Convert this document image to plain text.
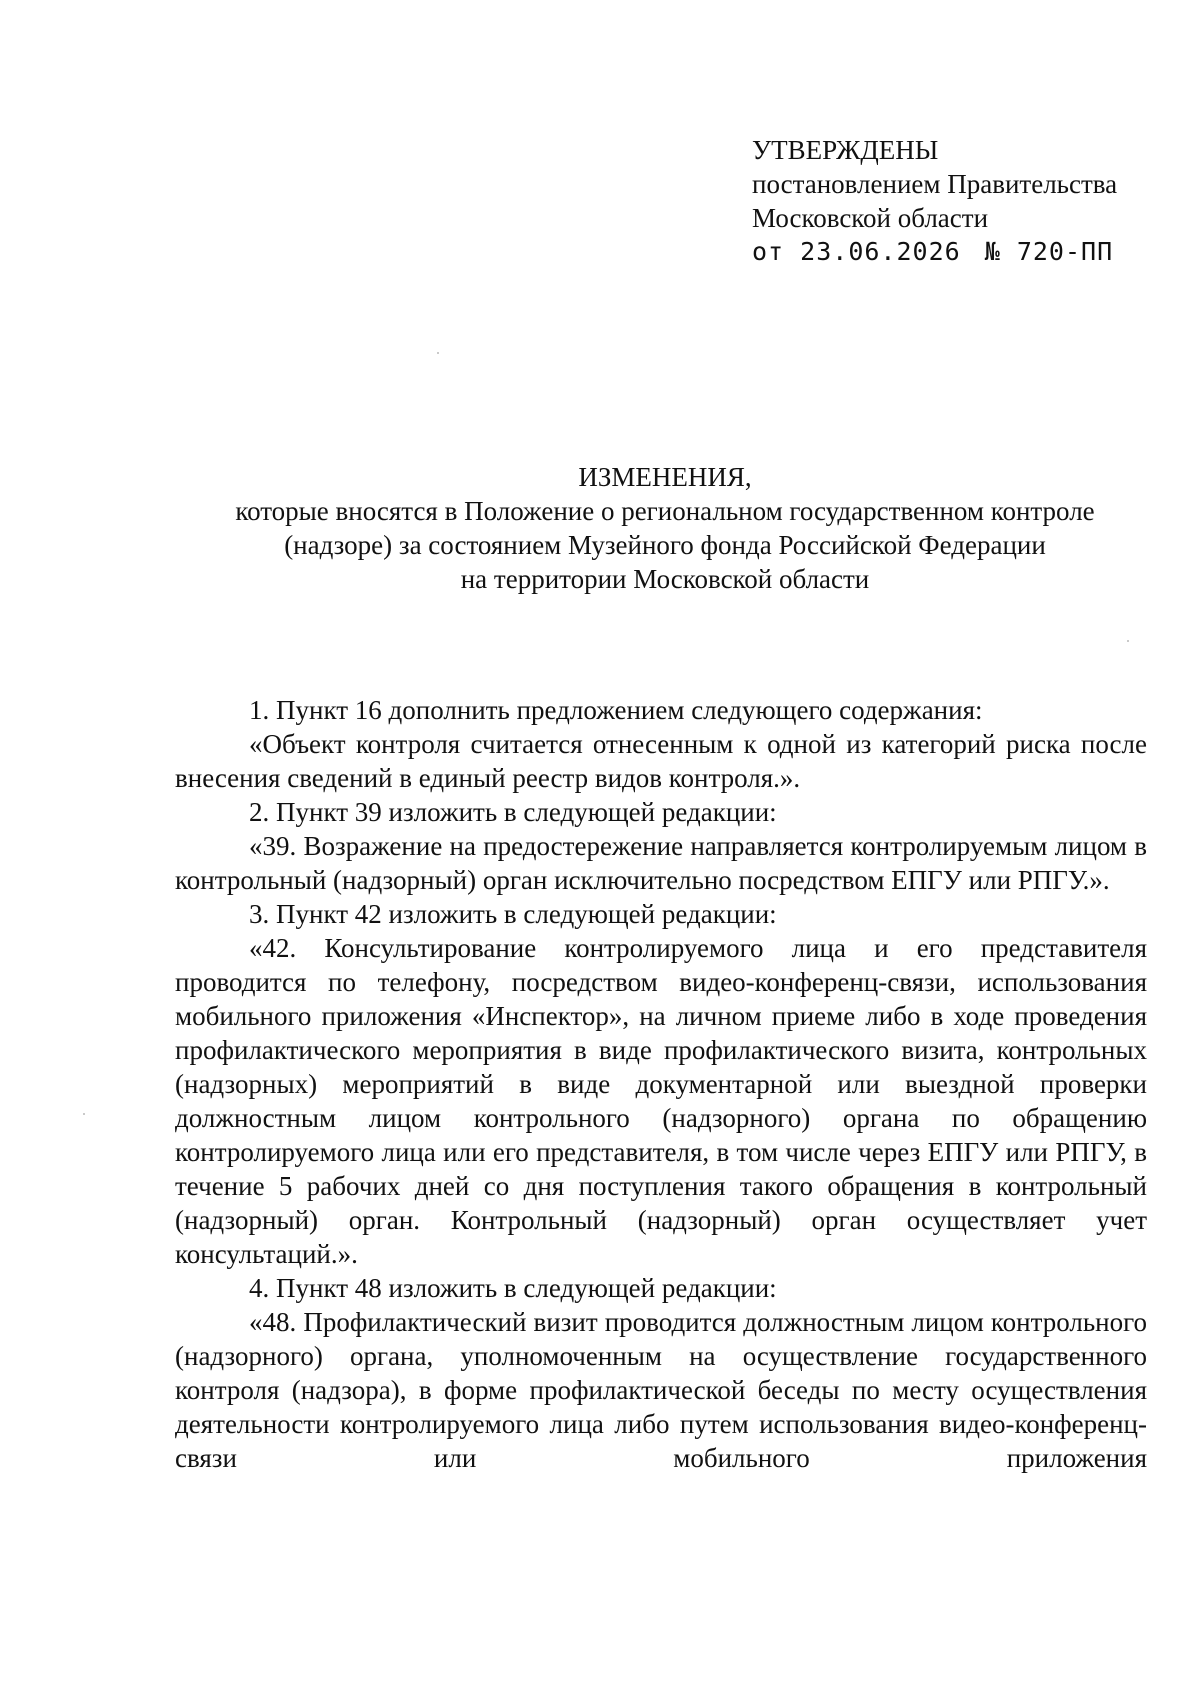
УТВЕРЖДЕНЫ
постановлением Правительства
Московской области
от 23.06.2026 № 720-ПП
ИЗМЕНЕНИЯ,
которые вносятся в Положение о региональном государственном контроле
(надзоре) за состоянием Музейного фонда Российской Федерации
на территории Московской области

1. Пункт 16 дополнить предложением следующего содержания:

«Объект контроля считается отнесенным к одной из категорий риска после внесения сведений в единый реестр видов контроля.».

2. Пункт 39 изложить в следующей редакции:

«39. Возражение на предостережение направляется контролируемым лицом в контрольный (надзорный) орган исключительно посредством ЕПГУ или РПГУ.».

3. Пункт 42 изложить в следующей редакции:

«42. Консультирование контролируемого лица и его представителя проводится по телефону, посредством видео-конференц-связи, использования мобильного приложения «Инспектор», на личном приеме либо в ходе проведения профилактического мероприятия в виде профилактического визита, контрольных (надзорных) мероприятий в виде документарной или выездной проверки должностным лицом контрольного (надзорного) органа по обращению контролируемого лица или его представителя, в том числе через ЕПГУ или РПГУ, в течение 5 рабочих дней со дня поступления такого обращения в контрольный (надзорный) орган. Контрольный (надзорный) орган осуществляет учет консультаций.».

4. Пункт 48 изложить в следующей редакции:

«48. Профилактический визит проводится должностным лицом контрольного (надзорного) органа, уполномоченным на осуществление государственного контроля (надзора), в форме профилактической беседы по месту осуществления деятельности контролируемого лица либо путем использования видео-конференц-связи или мобильного приложения
